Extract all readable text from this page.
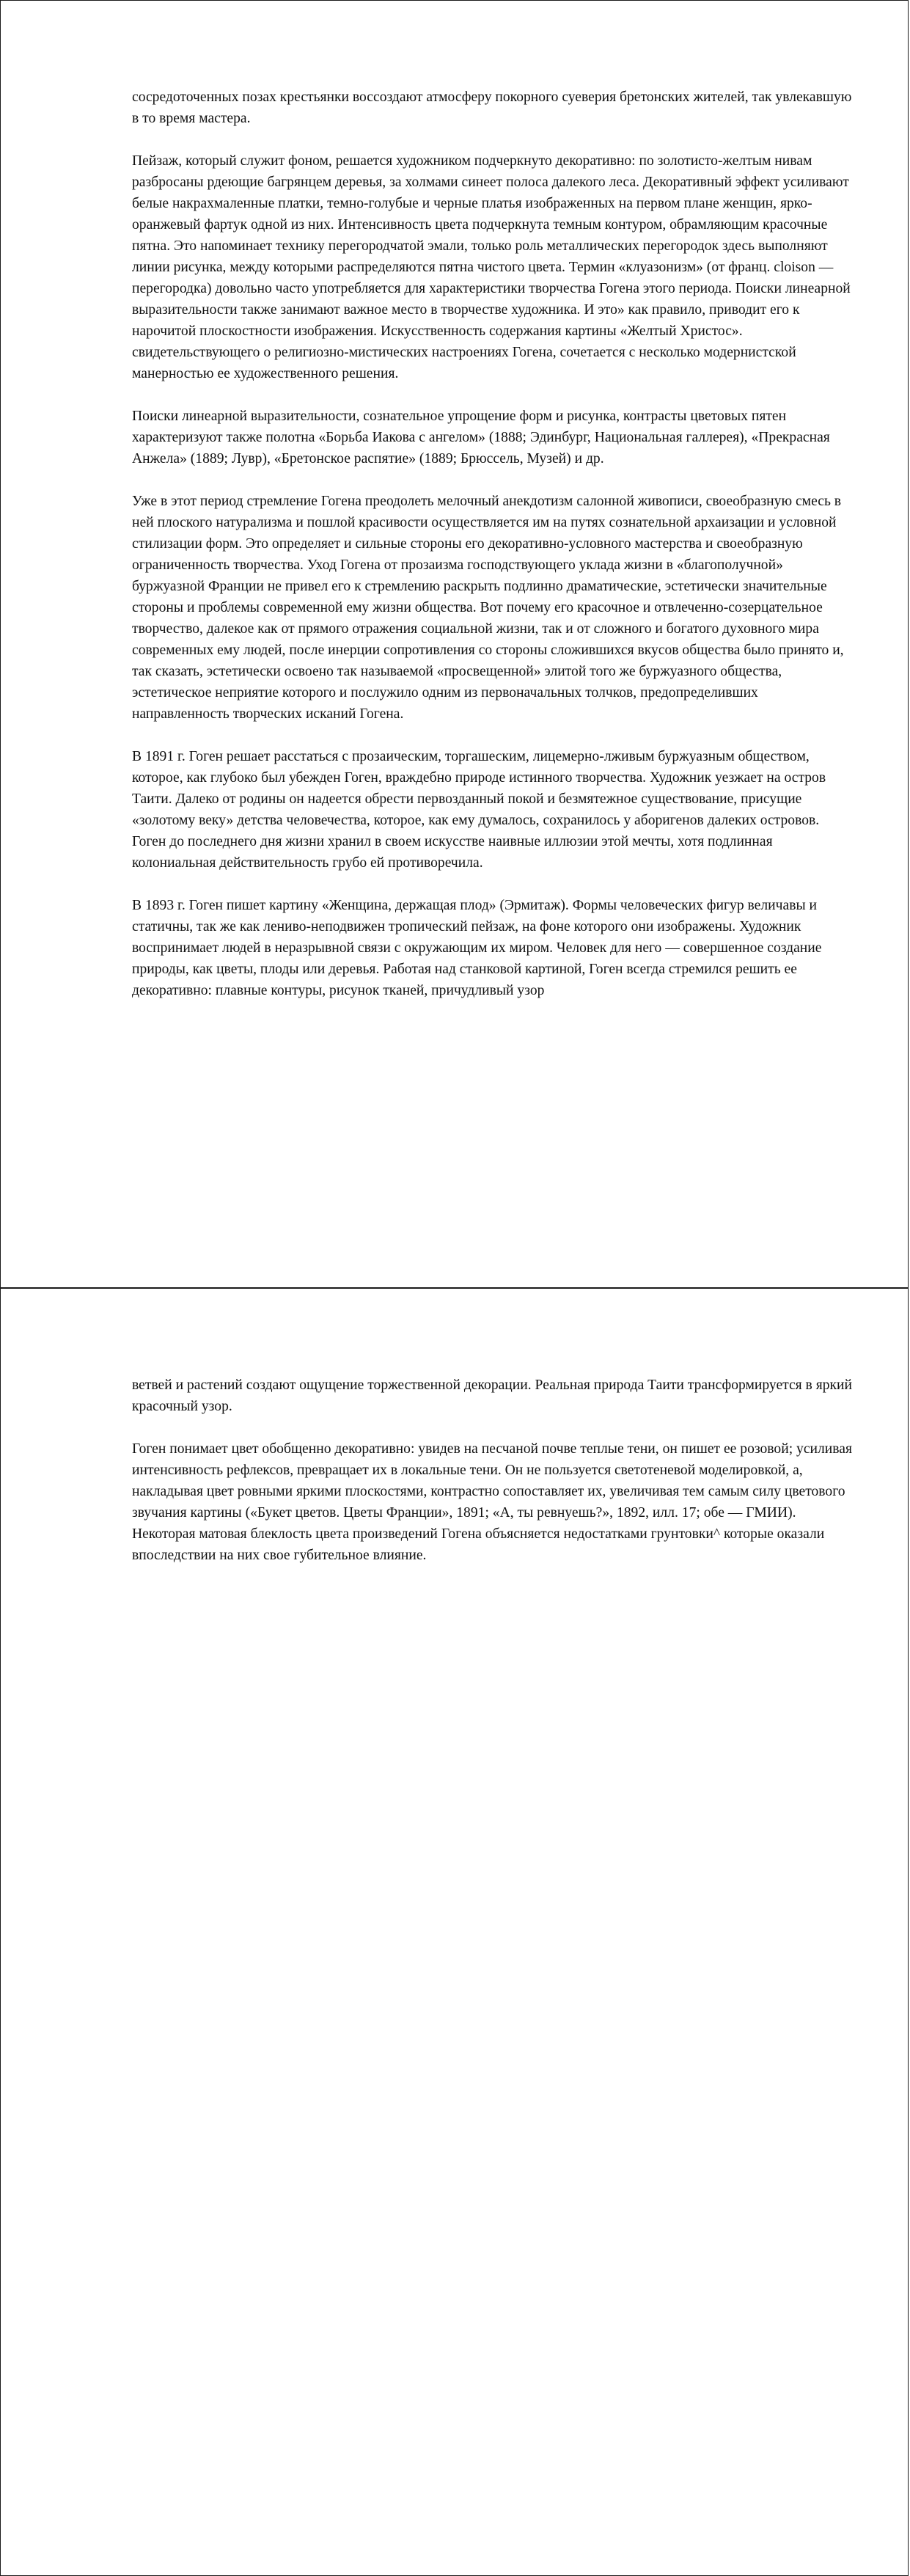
сосредоточенных позах крестьянки воссоздают атмосферу покорного суеверия бретонских жителей, так увлекавшую в то время мастера.

Пейзаж, который служит фоном, решается художником подчеркнуто декоративно: по золотисто-желтым нивам разбросаны рдеющие багрянцем деревья, за холмами синеет полоса далекого леса. Декоративный эффект усиливают белые накрахмаленные платки, темно-голубые и черные платья изображенных на первом плане женщин, ярко-оранжевый фартук одной из них. Интенсивность цвета подчеркнута темным контуром, обрамляющим красочные пятна. Это напоминает технику перегородчатой эмали, только роль металлических перегородок здесь выполняют линии рисунка, между которыми распределяются пятна чистого цвета. Термин «клуазонизм» (от франц. cloison — перегородка) довольно часто употребляется для характеристики творчества Гогена этого периода. Поиски линеарной выразительности также занимают важное место в творчестве художника. И это» как правило, приводит его к нарочитой плоскостности изображения. Искусственность содержания картины «Желтый Христос». свидетельствующего о религиозно-мистических настроениях Гогена, сочетается с несколько модернистской манерностью ее художественного решения.

Поиски линеарной выразительности, сознательное упрощение форм и рисунка, контрасты цветовых пятен характеризуют также полотна «Борьба Иакова с ангелом» (1888; Эдинбург, Национальная галлерея), «Прекрасная Анжела» (1889; Лувр), «Бретонское распятие» (1889; Брюссель, Музей) и др.

Уже в этот период стремление Гогена преодолеть мелочный анекдотизм салонной живописи, своеобразную смесь в ней плоского натурализма и пошлой красивости осуществляется им на путях сознательной архаизации и условной стилизации форм. Это определяет и сильные стороны его декоративно-условного мастерства и своеобразную ограниченность творчества. Уход Гогена от прозаизма господствующего уклада жизни в «благополучной» буржуазной Франции не привел его к стремлению раскрыть подлинно драматические, эстетически значительные стороны и проблемы современной ему жизни общества. Вот почему его красочное и отвлеченно-созерцательное творчество, далекое как от прямого отражения социальной жизни, так и от сложного и богатого духовного мира современных ему людей, после инерции сопротивления со стороны сложившихся вкусов общества было принято и, так сказать, эстетически освоено так называемой «просвещенной» элитой того же буржуазного общества, эстетическое неприятие которого и послужило одним из первоначальных толчков, предопределивших направленность творческих исканий Гогена.

В 1891 г. Гоген решает расстаться с прозаическим, торгашеским, лицемерно-лживым буржуазным обществом, которое, как глубоко был убежден Гоген, враждебно природе истинного творчества. Художник уезжает на остров Таити. Далеко от родины он надеется обрести первозданный покой и безмятежное существование, присущие «золотому веку» детства человечества, которое, как ему думалось, сохранилось у аборигенов далеких островов. Гоген до последнего дня жизни хранил в своем искусстве наивные иллюзии этой мечты, хотя подлинная колониальная действительность грубо ей противоречила.

В 1893 г. Гоген пишет картину «Женщина, держащая плод» (Эрмитаж). Формы человеческих фигур величавы и статичны, так же как лениво-неподвижен тропический пейзаж, на фоне которого они изображены. Художник воспринимает людей в неразрывной связи с окружающим их миром. Человек для него — совершенное создание природы, как цветы, плоды или деревья. Работая над станковой картиной, Гоген всегда стремился решить ее декоративно: плавные контуры, рисунок тканей, причудливый узор

ветвей и растений создают ощущение торжественной декорации. Реальная природа Таити трансформируется в яркий красочный узор.

Гоген понимает цвет обобщенно декоративно: увидев на песчаной почве теплые тени, он пишет ее розовой; усиливая интенсивность рефлексов, превращает их в локальные тени. Он не пользуется светотеневой моделировкой, а, накладывая цвет ровными яркими плоскостями, контрастно сопоставляет их, увеличивая тем самым силу цветового звучания картины («Букет цветов. Цветы Франции», 1891; «А, ты ревнуешь?», 1892, илл. 17; обе — ГМИИ). Некоторая матовая блеклость цвета произведений Гогена объясняется недостатками грунтовки^ которые оказали впоследствии на них свое губительное влияние.
